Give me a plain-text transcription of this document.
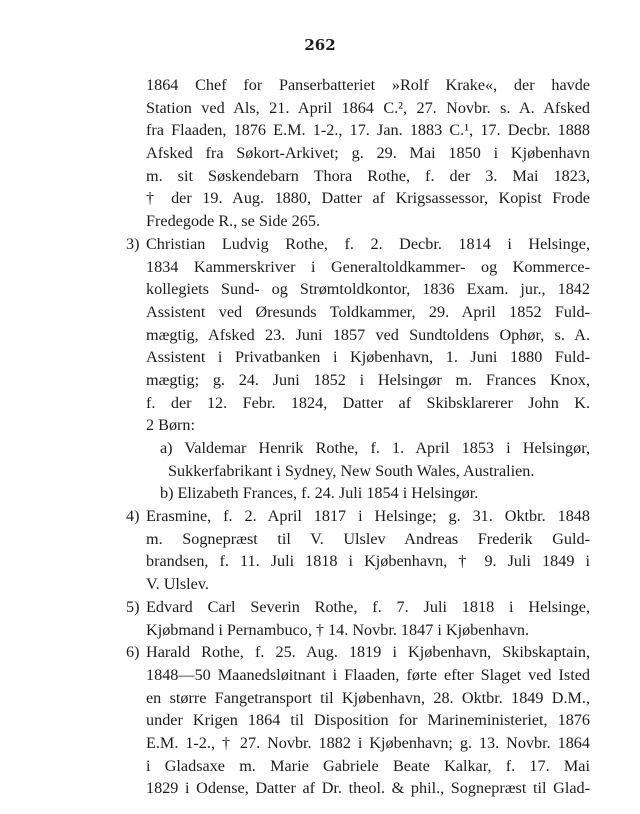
262
1864 Chef for Panserbatteriet »Rolf Krake«, der havde
Station ved Als, 21. April 1864 C.², 27. Novbr. s. A. Afsked
fra Flaaden, 1876 E.M. 1-2., 17. Jan. 1883 C.¹, 17. Decbr. 1888
Afsked fra Søkort-Arkivet; g. 29. Mai 1850 i Kjøbenhavn
m. sit Søskendebarn Thora Rothe, f. der 3. Mai 1823,
† der 19. Aug. 1880, Datter af Krigsassessor, Kopist Frode
Fredegode R., se Side 265.
3) Christian Ludvig Rothe, f. 2. Decbr. 1814 i Helsinge,
1834 Kammerskriver i Generaltoldkammer- og Kommerce-
kollegiets Sund- og Strømtoldkontor, 1836 Exam. jur., 1842
Assistent ved Øresunds Toldkammer, 29. April 1852 Fuld-
mægtig, Afsked 23. Juni 1857 ved Sundtoldens Ophør, s. A.
Assistent i Privatbanken i Kjøbenhavn, 1. Juni 1880 Fuld-
mægtig; g. 24. Juni 1852 i Helsingør m. Frances Knox,
f. der 12. Febr. 1824, Datter af Skibsklarerer John K.
2 Børn:
a) Valdemar Henrik Rothe, f. 1. April 1853 i Helsingør,
Sukkerfabrikant i Sydney, New South Wales, Australien.
b) Elizabeth Frances, f. 24. Juli 1854 i Helsingør.
4) Erasmine, f. 2. April 1817 i Helsinge; g. 31. Oktbr. 1848
m. Sognepræst til V. Ulslev Andreas Frederik Guld-
brandsen, f. 11. Juli 1818 i Kjøbenhavn, † 9. Juli 1849 i
V. Ulslev.
5) Edvard Carl Severin Rothe, f. 7. Juli 1818 i Helsinge,
Kjøbmand i Pernambuco, † 14. Novbr. 1847 i Kjøbenhavn.
6) Harald Rothe, f. 25. Aug. 1819 i Kjøbenhavn, Skibskaptain,
1848—50 Maanedsløitnant i Flaaden, førte efter Slaget ved Isted
en større Fangetransport til Kjøbenhavn, 28. Oktbr. 1849 D.M.,
under Krigen 1864 til Disposition for Marineministeriet, 1876
E.M. 1-2., † 27. Novbr. 1882 i Kjøbenhavn; g. 13. Novbr. 1864
i Gladsaxe m. Marie Gabriele Beate Kalkar, f. 17. Mai
1829 i Odense, Datter af Dr. theol. & phil., Sognepræst til Glad-
